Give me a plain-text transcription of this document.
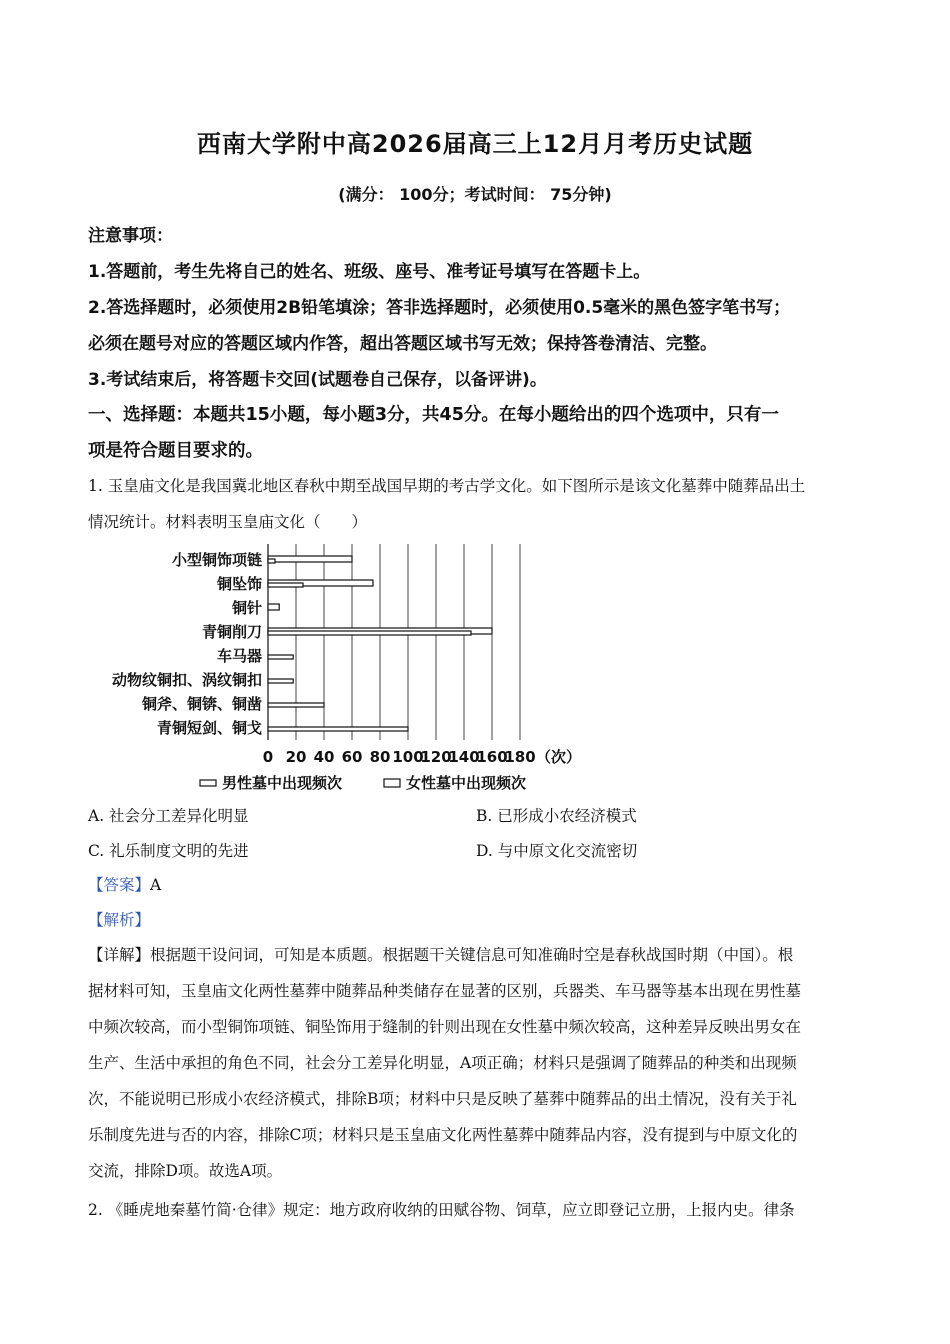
西南大学附中高2026届高三上12月月考历史试题
(满分： 100分；考试时间： 75分钟)
注意事项：
1.答题前，考生先将自己的姓名、班级、座号、准考证号填写在答题卡上。
2.答选择题时，必须使用2B铅笔填涂；答非选择题时，必须使用0.5毫米的黑色签字笔书写；
必须在题号对应的答题区域内作答，超出答题区域书写无效；保持答卷清洁、完整。
3.考试结束后，将答题卡交回(试题卷自己保存，以备评讲)。
一、选择题：本题共15小题，每小题3分，共45分。在每小题给出的四个选项中，只有一
项是符合题目要求的。
1. 玉皇庙文化是我国冀北地区春秋中期至战国早期的考古学文化。如下图所示是该文化墓葬中随葬品出土
情况统计。材料表明玉皇庙文化（　　）
小型铜饰项链
铜坠饰
铜针
青铜削刀
车马器
动物纹铜扣、涡纹铜扣
铜斧、铜锛、铜凿
青铜短剑、铜戈
0 20 40 60 80 100
120
140
160
180 （次）
男性墓中出现频次	女性墓中出现频次
A. 社会分工差异化明显	B. 已形成小农经济模式
C. 礼乐制度文明的先进	D. 与中原文化交流密切
【答案】A
【解析】
【详解】根据题干设问词，可知是本质题。根据题干关键信息可知准确时空是春秋战国时期（中国）。根
据材料可知，玉皇庙文化两性墓葬中随葬品种类储存在显著的区别，兵器类、车马器等基本出现在男性墓
中频次较高，而小型铜饰项链、铜坠饰用于缝制的针则出现在女性墓中频次较高，这种差异反映出男女在
生产、生活中承担的角色不同，社会分工差异化明显，A项正确；材料只是强调了随葬品的种类和出现频
次，不能说明已形成小农经济模式，排除B项；材料中只是反映了墓葬中随葬品的出土情况，没有关于礼
乐制度先进与否的内容，排除C项；材料只是玉皇庙文化两性墓葬中随葬品内容，没有提到与中原文化的
交流，排除D项。故选A项。
2. 《睡虎地秦墓竹简·仓律》规定：地方政府收纳的田赋谷物、饲草，应立即登记立册，上报内史。律条
